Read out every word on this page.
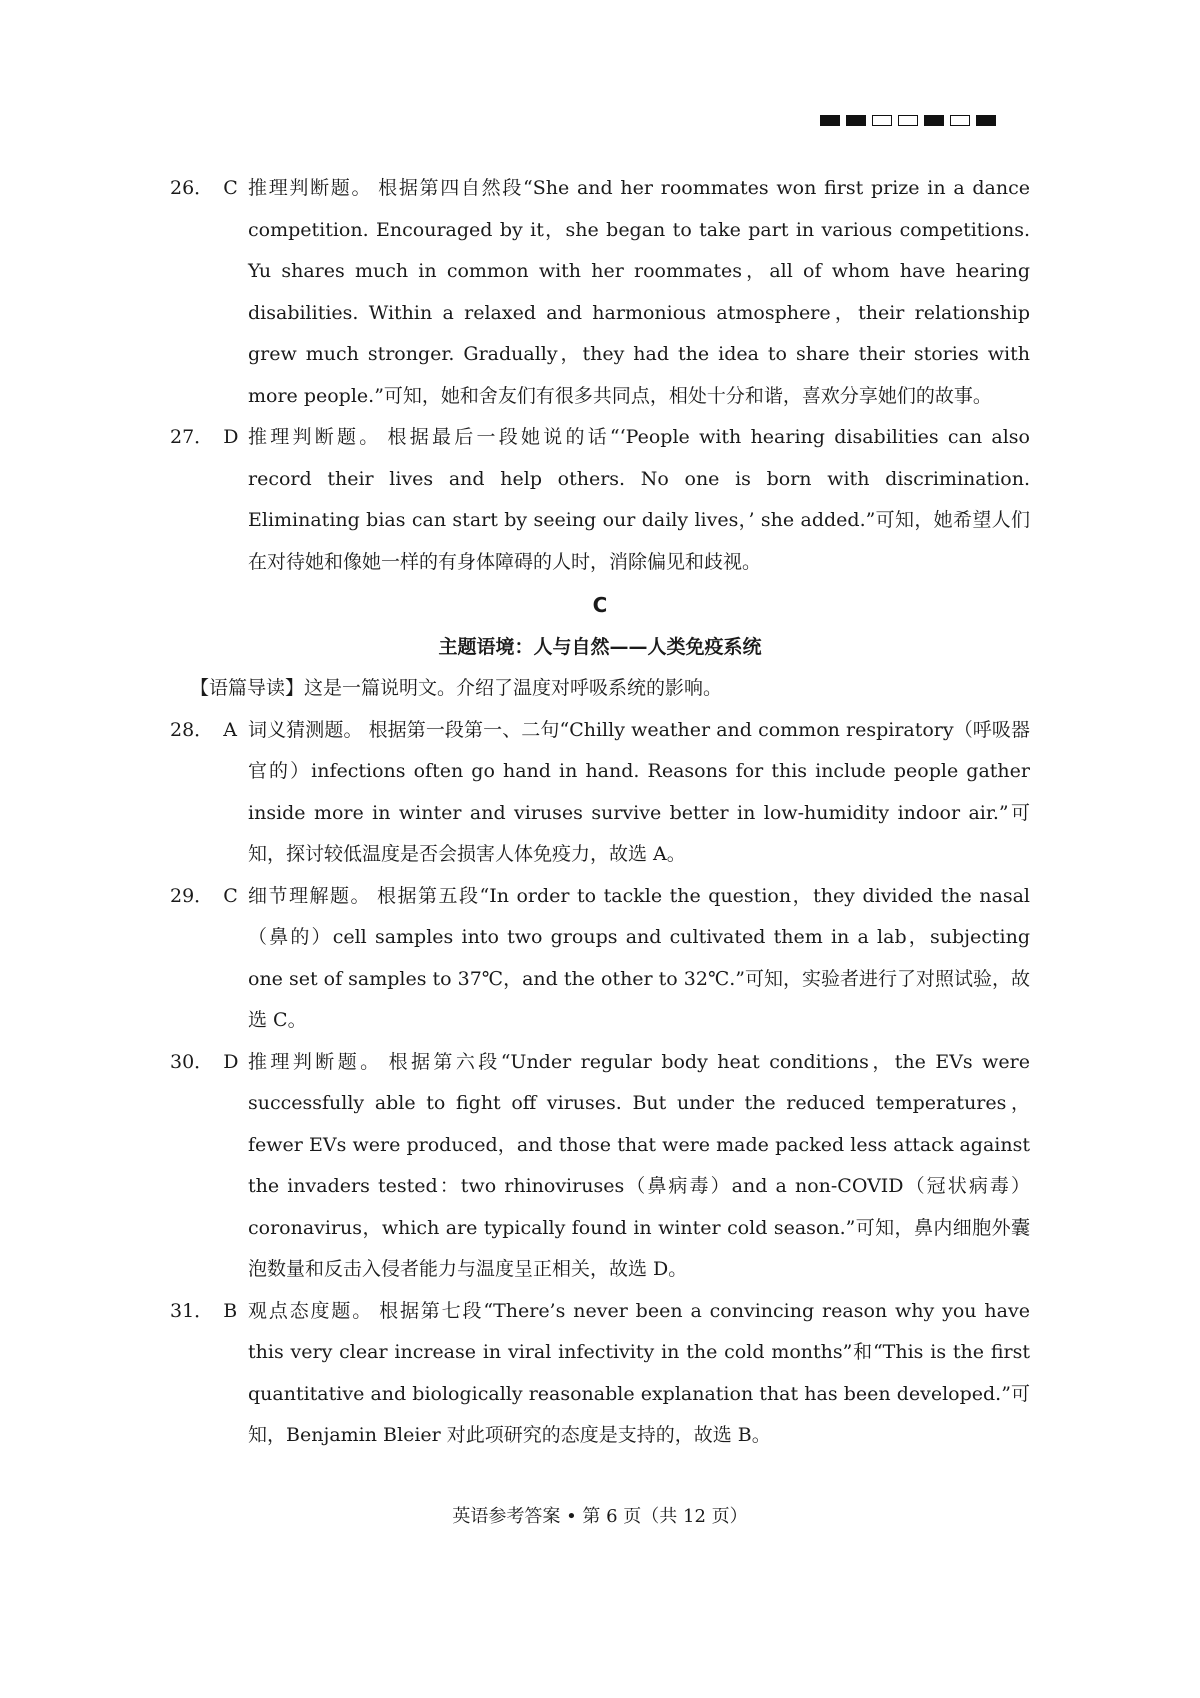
26． C 推理判断题。 根据第四自然段“She and her roommates won first prize in a dance competition. Encouraged by it，she began to take part in various competitions. Yu shares much in common with her roommates，all of whom have hearing disabilities. Within a relaxed and harmonious atmosphere，their relationship grew much stronger. Gradually，they had the idea to share their stories with more people.”可知，她和舍友们有很多共同点，相处十分和谐，喜欢分享她们的故事。
27． D 推理判断题。 根据最后一段她说的话“‘People with hearing disabilities can also record their lives and help others. No one is born with discrimination. Eliminating bias can start by seeing our daily lives，’ she added.”可知，她希望人们在对待她和像她一样的有身体障碍的人时，消除偏见和歧视。
C
主题语境：人与自然——人类免疫系统
【语篇导读】这是一篇说明文。介绍了温度对呼吸系统的影响。
28． A 词义猜测题。 根据第一段第一、二句“Chilly weather and common respiratory（呼吸器官的）infections often go hand in hand. Reasons for this include people gather inside more in winter and viruses survive better in low-humidity indoor air.”可知，探讨较低温度是否会损害人体免疫力，故选 A。
29． C 细节理解题。 根据第五段“In order to tackle the question，they divided the nasal（鼻的）cell samples into two groups and cultivated them in a lab，subjecting one set of samples to 37℃，and the other to 32℃.”可知，实验者进行了对照试验，故选 C。
30． D 推理判断题。 根据第六段“Under regular body heat conditions，the EVs were successfully able to fight off viruses. But under the reduced temperatures，fewer EVs were produced，and those that were made packed less attack against the invaders tested：two rhinoviruses（鼻病毒）and a non-COVID（冠状病毒）coronavirus，which are typically found in winter cold season.”可知，鼻内细胞外囊泡数量和反击入侵者能力与温度呈正相关，故选 D。
31． B 观点态度题。 根据第七段“There’s never been a convincing reason why you have this very clear increase in viral infectivity in the cold months”和“This is the first quantitative and biologically reasonable explanation that has been developed.”可知，Benjamin Bleier 对此项研究的态度是支持的，故选 B。
英语参考答案 • 第 6 页（共 12 页）
